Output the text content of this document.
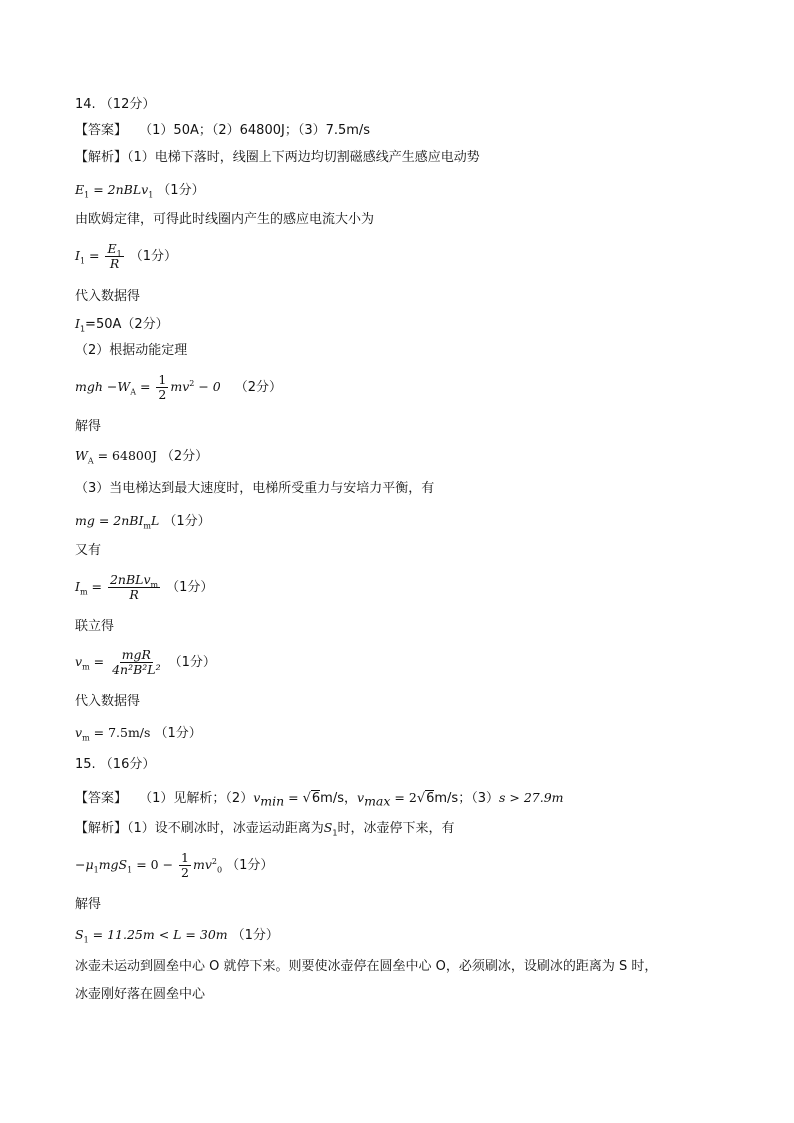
14. （12分）
【答案】 （1）50A；（2）64800J；（3）7.5m/s
【解析】（1）电梯下落时，线圈上下两边均切割磁感线产生感应电动势
$E_1$ = 2nBLv$_1$ （1分）
由欧姆定律，可得此时线圈内产生的感应电流大小为
$I_1 = \frac{E_1}{R} (1$分）
代入数据得
$I_1=50A(2$分）
（2）根据动能定理
mgh $-W_A = \frac{1}{2} mv^2 - 0$ （2分）
解得
$W_A = 64800J$ （2分）
（3）当电梯达到最大速度时，电梯所受重力与安培力平衡，有
mg = 2nBI$_m$L （1分）
又有
$I_m = \frac{2nBLv_m}{R} (1$分）
联立得
$v_m = \frac{\text{mgR}}{\text{4n²B²L²}} (1$分）
代入数据得
$v_m = 7.5m/s$ （1分）
15. （16分）
【答案】 （1）见解析；$(2)v_{min} = √6m/s$，$v_{max} = 2√6m/s$；（3）s > 27.9m
【解析】（1）设不刷冰时，冰壶运动距离为$S_1$时，冰壶停下来，有
$-\mu_1mgS_1 = 0 - \frac{1}{2} mv^2_0$ （1分）
解得
$S_1 = 11.25m < L = 30m$ （1分）
冰壶未运动到圆垒中心 O 就停下来。则要使冰壶停在圆垒中心 O，必须刷冰，设刷冰的距离为 S 时，
冰壶刚好落在圆垒中心
